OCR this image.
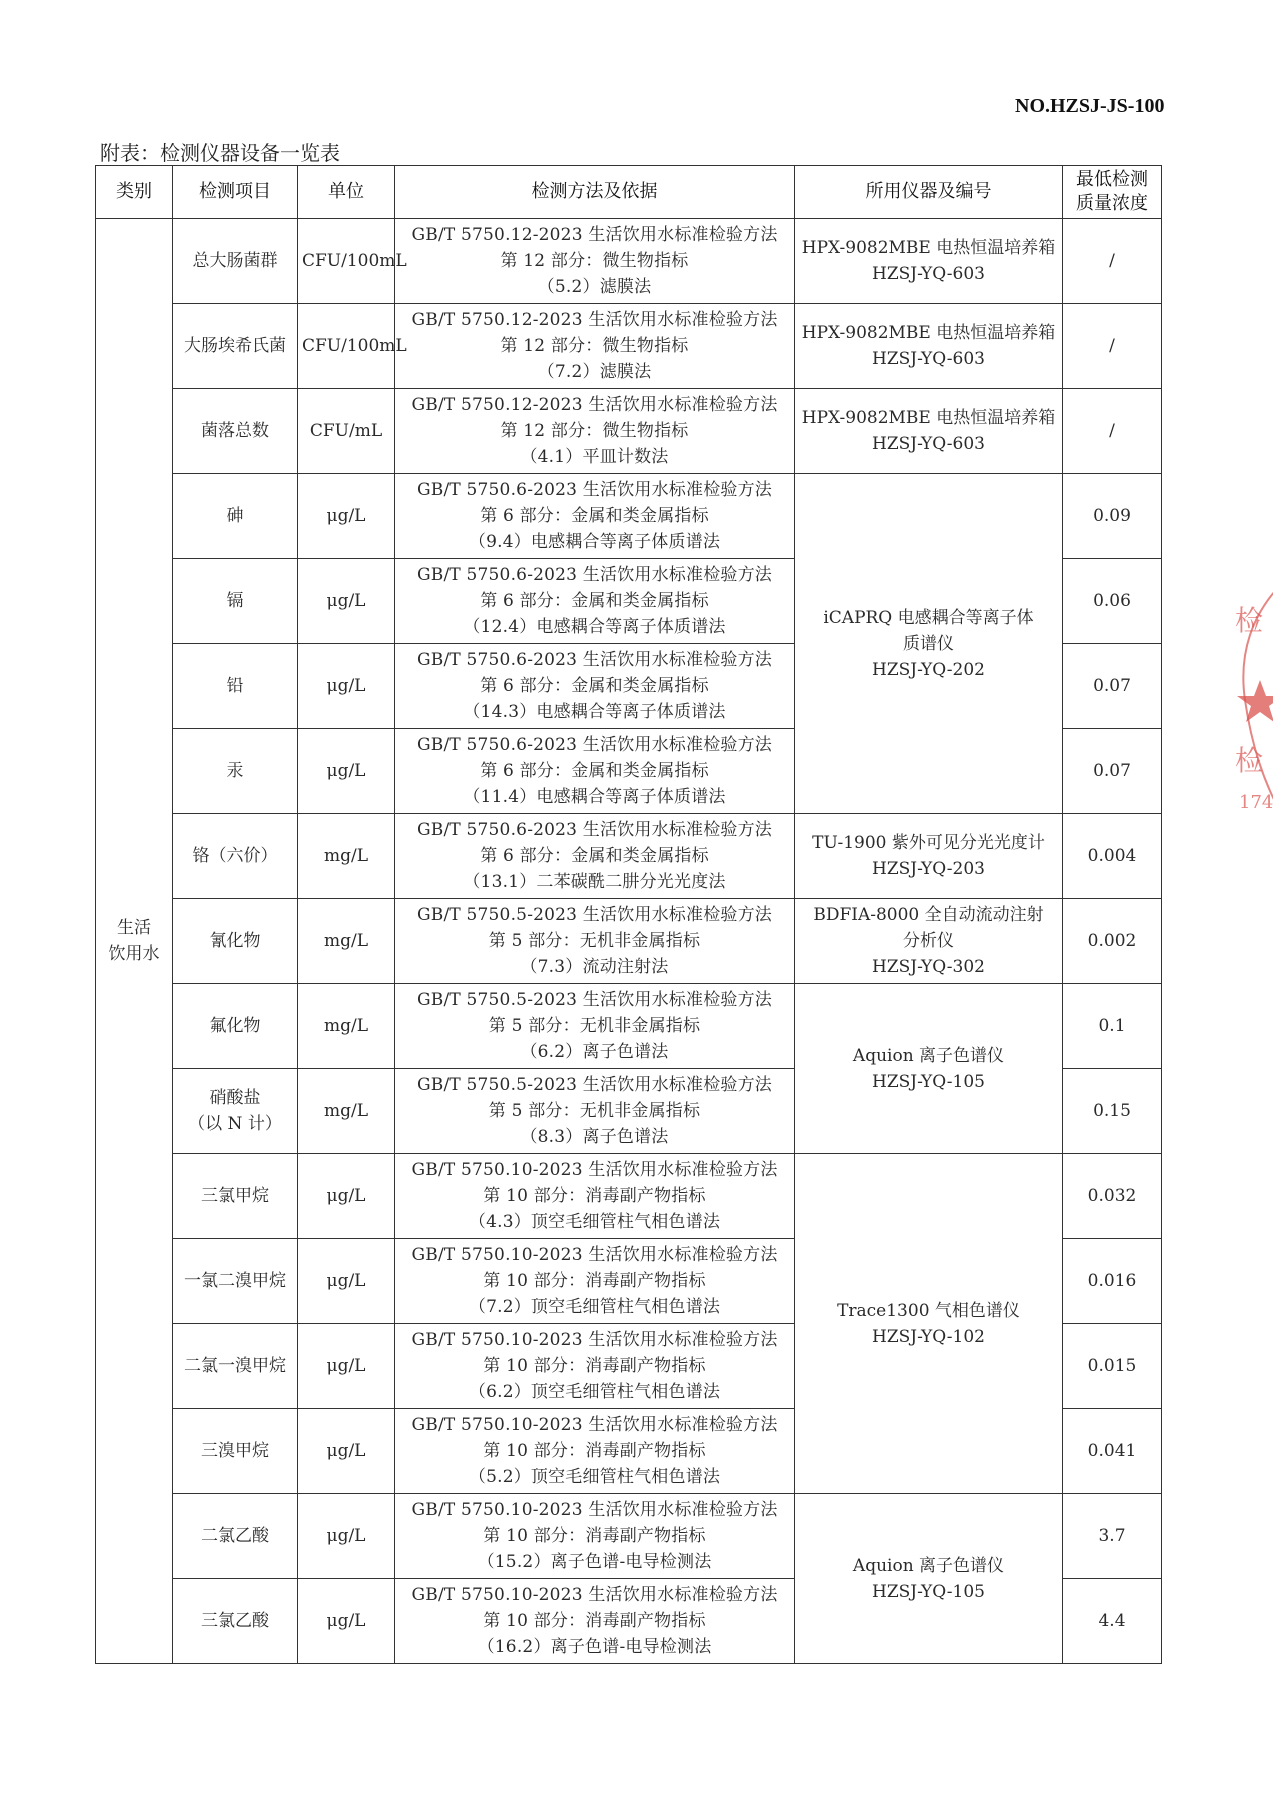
NO.HZSJ-JS-100
附表：检测仪器设备一览表
类别	检测项目	单位	检测方法及依据	所用仪器及编号	最低检测
质量浓度

生活
饮用水	总大肠菌群	CFU/100mL	GB/T 5750.12-2023 生活饮用水标准检验方法
第 12 部分：微生物指标
（5.2）滤膜法	HPX-9082MBE 电热恒温培养箱
HZSJ-YQ-603	/

	大肠埃希氏菌	CFU/100mL	GB/T 5750.12-2023 生活饮用水标准检验方法
第 12 部分：微生物指标
（7.2）滤膜法	HPX-9082MBE 电热恒温培养箱
HZSJ-YQ-603	/

	菌落总数	CFU/mL	GB/T 5750.12-2023 生活饮用水标准检验方法
第 12 部分：微生物指标
（4.1）平皿计数法	HPX-9082MBE 电热恒温培养箱
HZSJ-YQ-603	/

	砷	μg/L	GB/T 5750.6-2023 生活饮用水标准检验方法
第 6 部分：金属和类金属指标
（9.4）电感耦合等离子体质谱法	iCAPRQ 电感耦合等离子体
质谱仪
HZSJ-YQ-202	0.09

	镉	μg/L	GB/T 5750.6-2023 生活饮用水标准检验方法
第 6 部分：金属和类金属指标
（12.4）电感耦合等离子体质谱法		0.06

	铅	μg/L	GB/T 5750.6-2023 生活饮用水标准检验方法
第 6 部分：金属和类金属指标
（14.3）电感耦合等离子体质谱法		0.07

	汞	μg/L	GB/T 5750.6-2023 生活饮用水标准检验方法
第 6 部分：金属和类金属指标
（11.4）电感耦合等离子体质谱法		0.07

	铬（六价）	mg/L	GB/T 5750.6-2023 生活饮用水标准检验方法
第 6 部分：金属和类金属指标
（13.1）二苯碳酰二肼分光光度法	TU-1900 紫外可见分光光度计
HZSJ-YQ-203	0.004

	氰化物	mg/L	GB/T 5750.5-2023 生活饮用水标准检验方法
第 5 部分：无机非金属指标
（7.3）流动注射法	BDFIA-8000 全自动流动注射
分析仪
HZSJ-YQ-302	0.002

	氟化物	mg/L	GB/T 5750.5-2023 生活饮用水标准检验方法
第 5 部分：无机非金属指标
（6.2）离子色谱法	Aquion 离子色谱仪
HZSJ-YQ-105	0.1

	硝酸盐
（以 N 计）	mg/L	GB/T 5750.5-2023 生活饮用水标准检验方法
第 5 部分：无机非金属指标
（8.3）离子色谱法		0.15

	三氯甲烷	μg/L	GB/T 5750.10-2023 生活饮用水标准检验方法
第 10 部分：消毒副产物指标
（4.3）顶空毛细管柱气相色谱法	Trace1300 气相色谱仪
HZSJ-YQ-102	0.032

	一氯二溴甲烷	μg/L	GB/T 5750.10-2023 生活饮用水标准检验方法
第 10 部分：消毒副产物指标
（7.2）顶空毛细管柱气相色谱法		0.016

	二氯一溴甲烷	μg/L	GB/T 5750.10-2023 生活饮用水标准检验方法
第 10 部分：消毒副产物指标
（6.2）顶空毛细管柱气相色谱法		0.015

	三溴甲烷	μg/L	GB/T 5750.10-2023 生活饮用水标准检验方法
第 10 部分：消毒副产物指标
（5.2）顶空毛细管柱气相色谱法		0.041

	二氯乙酸	μg/L	GB/T 5750.10-2023 生活饮用水标准检验方法
第 10 部分：消毒副产物指标
（15.2）离子色谱-电导检测法	Aquion 离子色谱仪
HZSJ-YQ-105	3.7

	三氯乙酸	μg/L	GB/T 5750.10-2023 生活饮用水标准检验方法
第 10 部分：消毒副产物指标
（16.2）离子色谱-电导检测法		4.4
检
检
174
